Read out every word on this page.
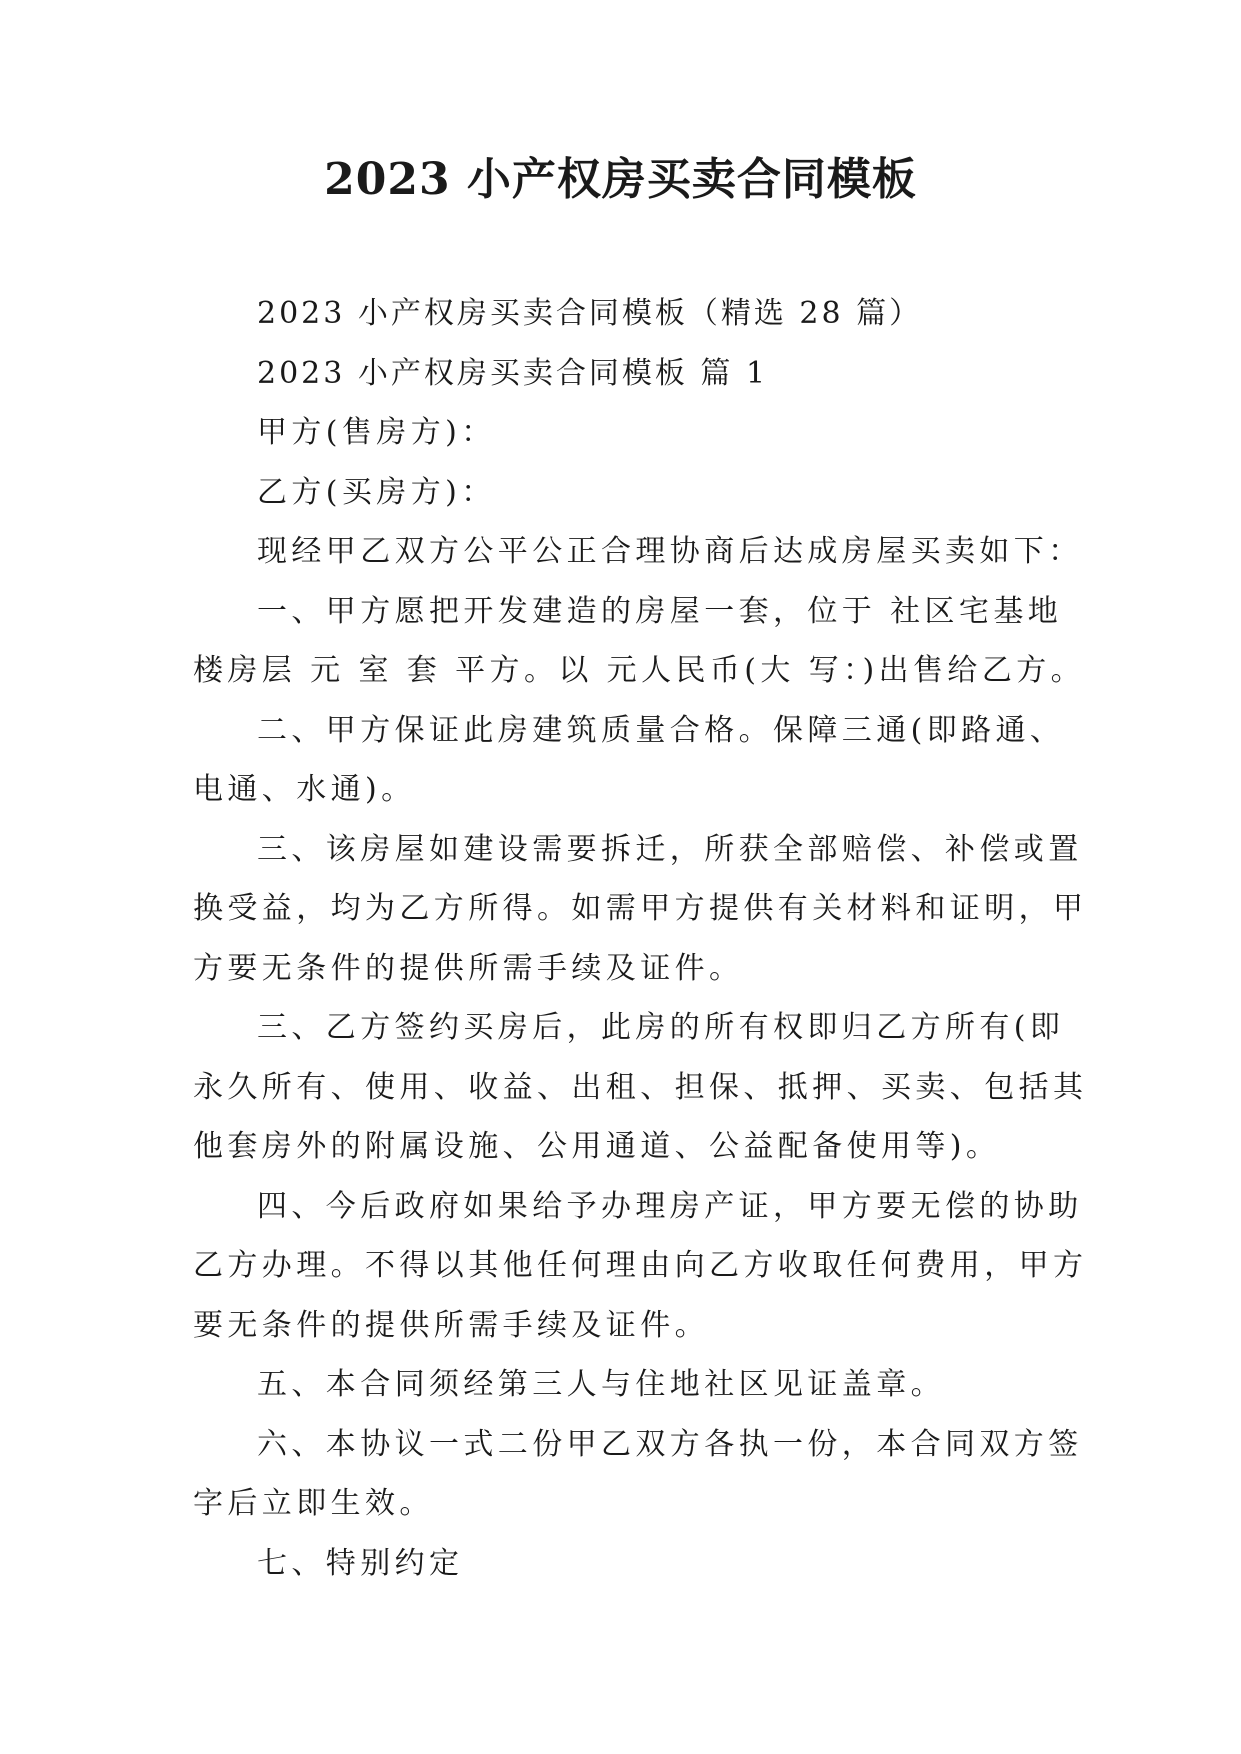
2023 小产权房买卖合同模板

2023 小产权房买卖合同模板（精选 28 篇）

2023 小产权房买卖合同模板 篇 1

甲方(售房方)：

乙方(买房方)：

现经甲乙双方公平公正合理协商后达成房屋买卖如下：

一、甲方愿把开发建造的房屋一套，位于 社区宅基地
楼房层 元 室 套 平方。以 元人民币(大 写：)出售给乙方。

二、甲方保证此房建筑质量合格。保障三通(即路通、
电通、水通)。

三、该房屋如建设需要拆迁，所获全部赔偿、补偿或置
换受益，均为乙方所得。如需甲方提供有关材料和证明，甲
方要无条件的提供所需手续及证件。

三、乙方签约买房后，此房的所有权即归乙方所有(即
永久所有、使用、收益、出租、担保、抵押、买卖、包括其
他套房外的附属设施、公用通道、公益配备使用等)。

四、今后政府如果给予办理房产证，甲方要无偿的协助
乙方办理。不得以其他任何理由向乙方收取任何费用，甲方
要无条件的提供所需手续及证件。

五、本合同须经第三人与住地社区见证盖章。

六、本协议一式二份甲乙双方各执一份，本合同双方签
字后立即生效。

七、特别约定
